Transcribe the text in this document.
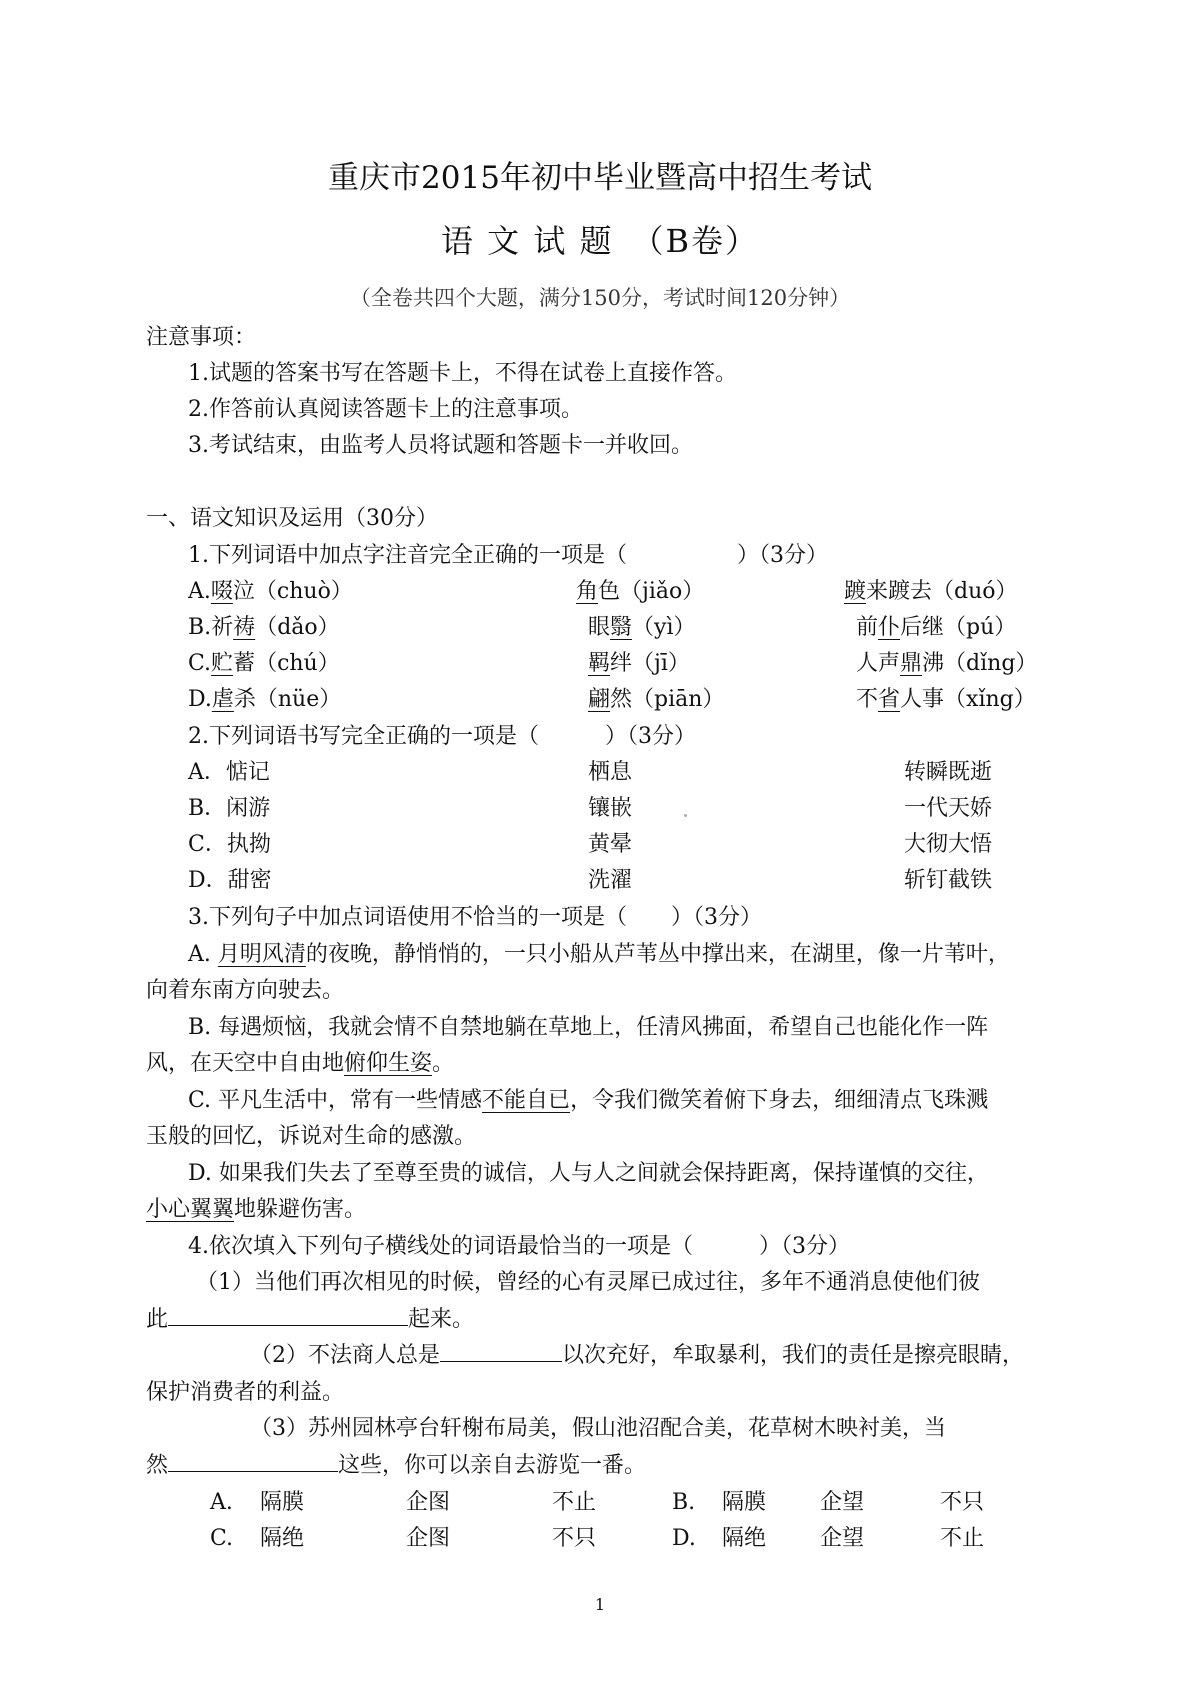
重庆市2015年初中毕业暨高中招生考试
语 文 试 题　（B卷）
（全卷共四个大题，满分150分，考试时间120分钟）
注意事项：
1.试题的答案书写在答题卡上，不得在试卷上直接作答。
2.作答前认真阅读答题卡上的注意事项。
3.考试结束，由监考人员将试题和答题卡一并收回。
一、语文知识及运用（30分）
1.下列词语中加点字注音完全正确的一项是（　　　　　）（3分）
A.啜泣（chuò）	角色（jiǎo）	踱来踱去（duó）
B.祈祷（dǎo）	眼翳（yì）	前仆后继（pú）
C.贮蓄（chú）	羁绊（jī）	人声鼎沸（dǐng）
D.虐杀（nüe）	翩然（piān）	不省人事（xǐng）
2.下列词语书写完全正确的一项是（　　　）（3分）
A．惦记	栖息	转瞬既逝
B．闲游	镶嵌	一代天娇
C．执拗	黄晕	大彻大悟
D．甜密	洗濯	斩钉截铁
3.下列句子中加点词语使用不恰当的一项是（　　）（3分）
A. 月明风清的夜晚，静悄悄的，一只小船从芦苇丛中撑出来，在湖里，像一片苇叶，
向着东南方向驶去。
B. 每遇烦恼，我就会情不自禁地躺在草地上，任清风拂面，希望自己也能化作一阵
风，在天空中自由地俯仰生姿。
C. 平凡生活中，常有一些情感不能自已，令我们微笑着俯下身去，细细清点飞珠溅
玉般的回忆，诉说对生命的感激。
D. 如果我们失去了至尊至贵的诚信，人与人之间就会保持距离，保持谨慎的交往，
小心翼翼地躲避伤害。
4.依次填入下列句子横线处的词语最恰当的一项是（　　　）（3分）
（1）当他们再次相见的时候，曾经的心有灵犀已成过往，多年不通消息使他们彼
此	起来。
（2）不法商人总是	以次充好，牟取暴利，我们的责任是擦亮眼睛，
保护消费者的利益。
（3）苏州园林亭台轩榭布局美，假山池沼配合美，花草树木映衬美，当
然	这些，你可以亲自去游览一番。
A. 隔膜	企图	不止	B. 隔膜 企望	不只
C. 隔绝	企图	不只	D. 隔绝 企望	不止
1
